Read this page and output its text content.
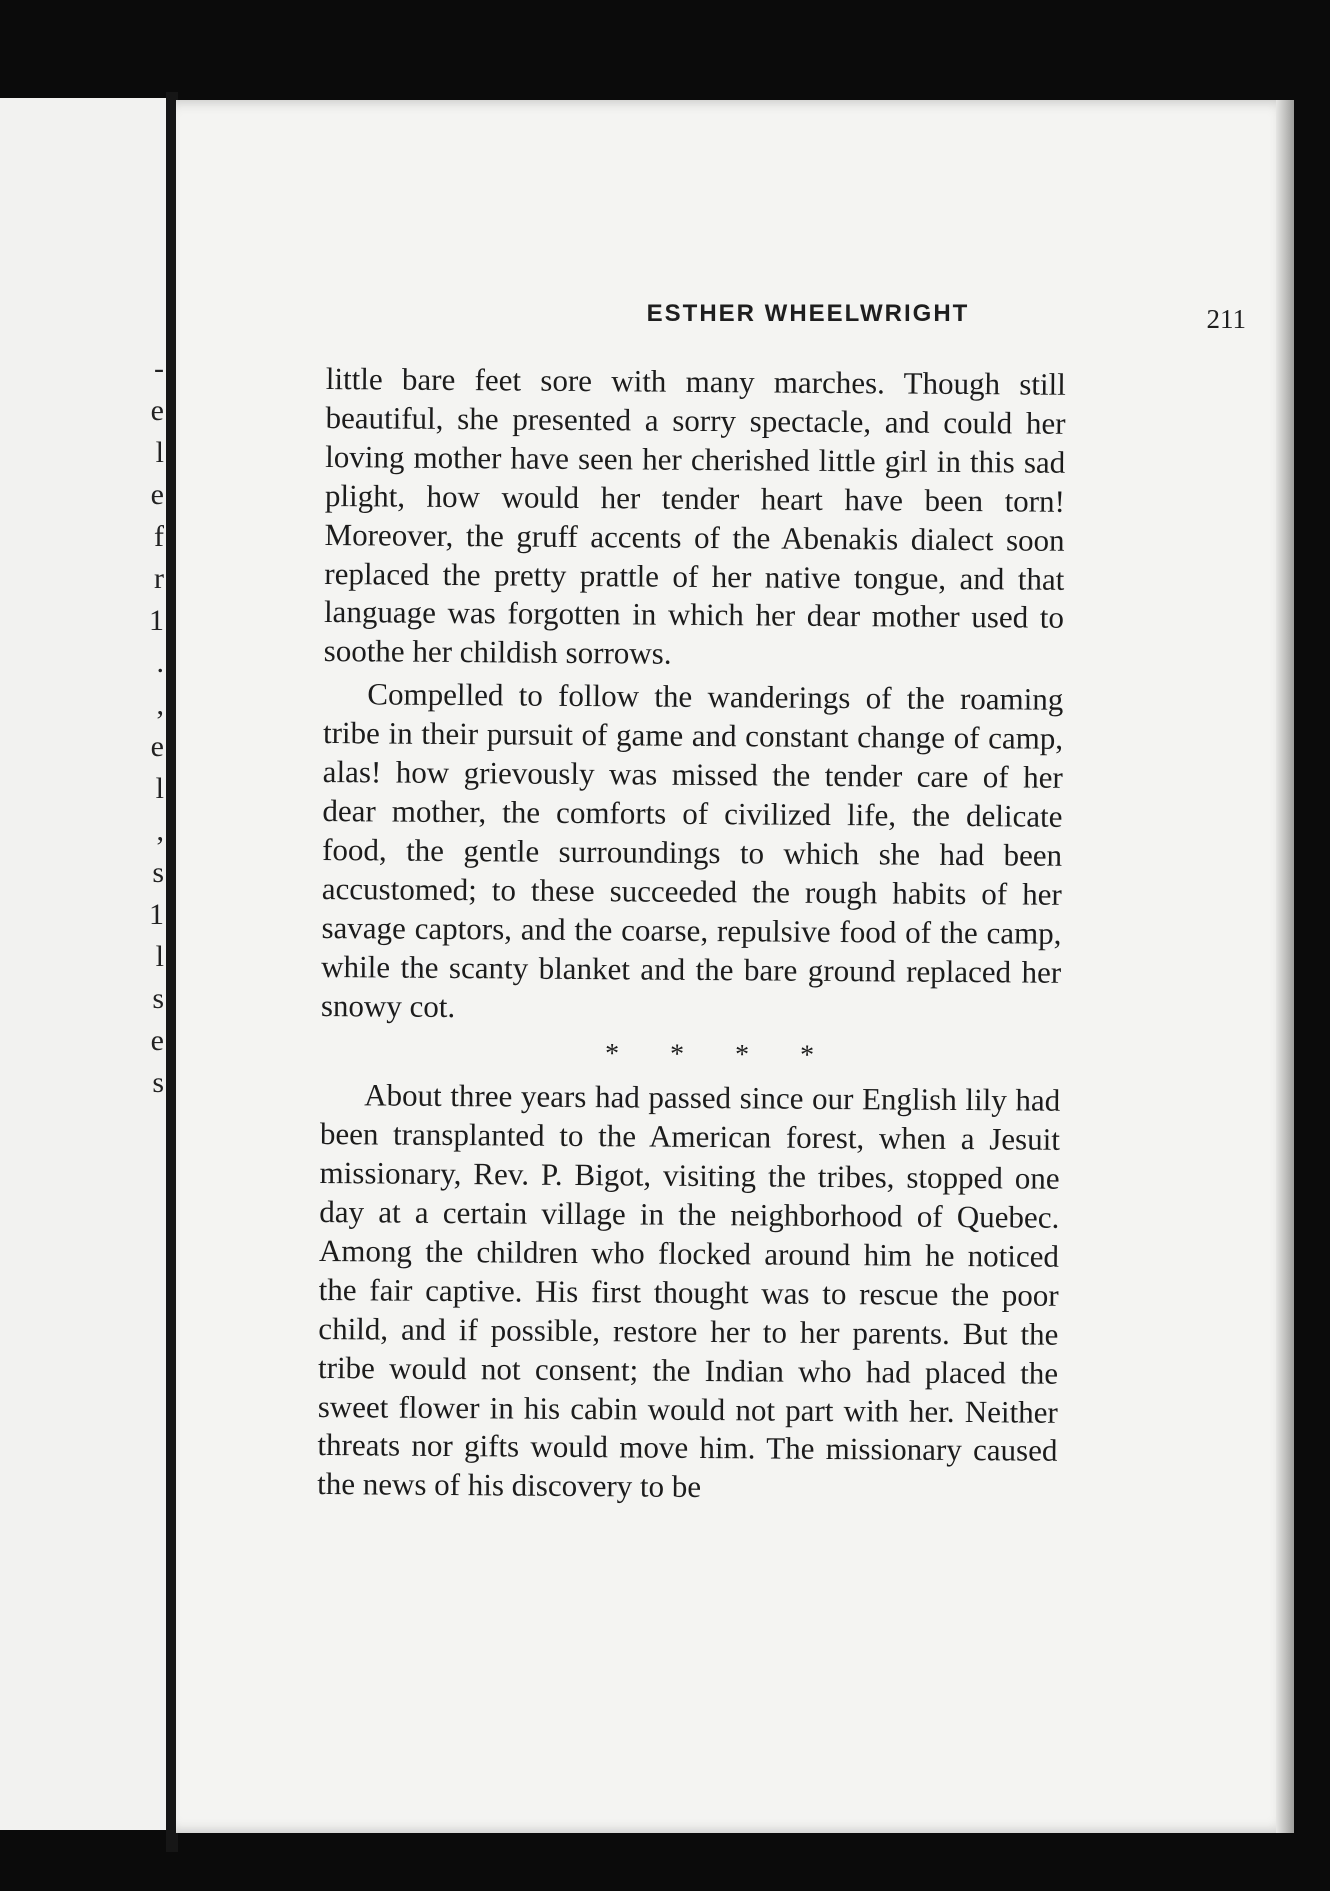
-
e
l
e
f
r
1
.
,
e
l
,
s
1
l
s
e
s
ESTHER WHEELWRIGHT	211

little bare feet sore with many marches. Though still beautiful, she presented a sorry spectacle, and could her loving mother have seen her cherished little girl in this sad plight, how would her tender heart have been torn! Moreover, the gruff accents of the Abenakis dialect soon replaced the pretty prattle of her native tongue, and that language was forgotten in which her dear mother used to soothe her childish sorrows.

Compelled to follow the wanderings of the roaming tribe in their pursuit of game and constant change of camp, alas! how grievously was missed the tender care of her dear mother, the comforts of civilized life, the delicate food, the gentle surroundings to which she had been accustomed; to these succeeded the rough habits of her savage captors, and the coarse, repulsive food of the camp, while the scanty blanket and the bare ground replaced her snowy cot.

* * * *

About three years had passed since our English lily had been transplanted to the American forest, when a Jesuit missionary, Rev. P. Bigot, visiting the tribes, stopped one day at a certain village in the neighborhood of Quebec. Among the children who flocked around him he noticed the fair captive. His first thought was to rescue the poor child, and if possible, restore her to her parents. But the tribe would not consent; the Indian who had placed the sweet flower in his cabin would not part with her. Neither threats nor gifts would move him. The missionary caused the news of his discovery to be
